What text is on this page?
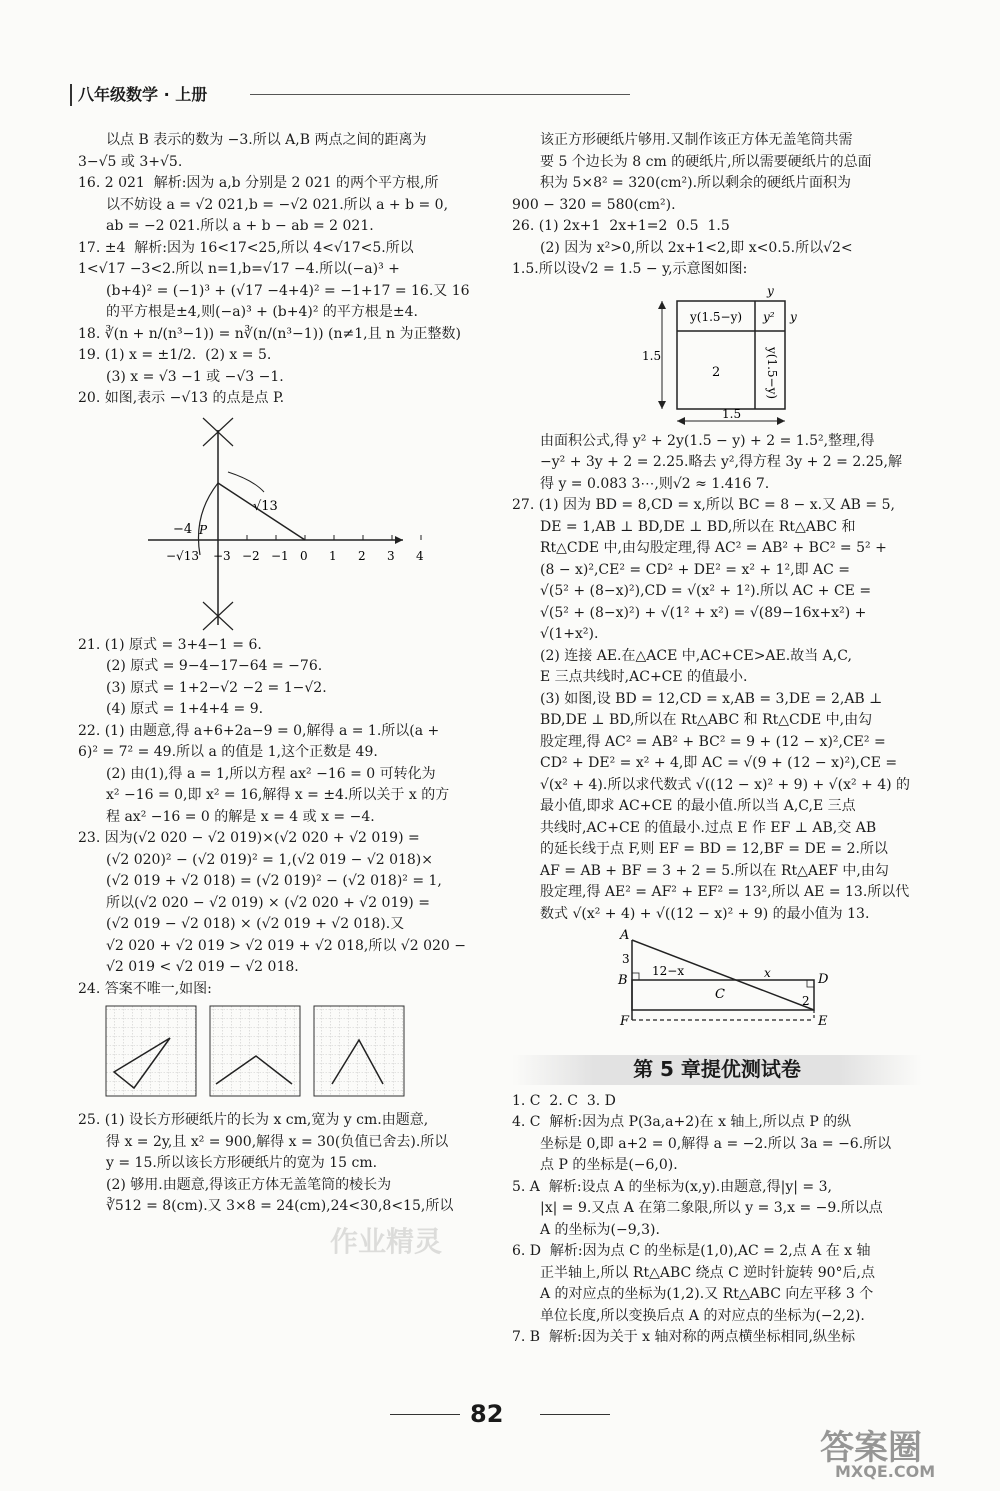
八年级数学 · 上册

以点 B 表示的数为 −3.所以 A,B 两点之间的距离为

3−√5 或 3+√5.

16. 2 021  解析:因为 a,b 分别是 2 021 的两个平方根,所

以不妨设 a = √2 021,b = −√2 021.所以 a + b = 0,

ab = −2 021.所以 a + b − ab = 2 021.

17. ±4  解析:因为 16<17<25,所以 4<√17<5.所以

1<√17 −3<2.所以 n=1,b=√17 −4.所以(−a)³ +

(b+4)² = (−1)³ + (√17 −4+4)² = −1+17 = 16.又 16

的平方根是±4,则(−a)³ + (b+4)² 的平方根是±4.

18. ∛(n + n/(n³−1)) = n∛(n/(n³−1)) (n≠1,且 n 为正整数)

19. (1) x = ±1/2.  (2) x = 5.

(3) x = √3 −1 或 −√3 −1.

20. 如图,表示 −√13 的点是点 P.

−3 −2 −1 0 1 2 3 4
√13
−4 P
−√13

21. (1) 原式 = 3+4−1 = 6.

(2) 原式 = 9−4−17−64 = −76.

(3) 原式 = 1+2−√2 −2 = 1−√2.

(4) 原式 = 1+4+4 = 9.

22. (1) 由题意,得 a+6+2a−9 = 0,解得 a = 1.所以(a +

6)² = 7² = 49.所以 a 的值是 1,这个正数是 49.

(2) 由(1),得 a = 1,所以方程 ax² −16 = 0 可转化为

x² −16 = 0,即 x² = 16,解得 x = ±4.所以关于 x 的方

程 ax² −16 = 0 的解是 x = 4 或 x = −4.

23. 因为(√2 020 − √2 019)×(√2 020 + √2 019) =

(√2 020)² − (√2 019)² = 1,(√2 019 − √2 018)×

(√2 019 + √2 018) = (√2 019)² − (√2 018)² = 1,

所以(√2 020 − √2 019) × (√2 020 + √2 019) =

(√2 019 − √2 018) × (√2 019 + √2 018).又

√2 020 + √2 019 > √2 019 + √2 018,所以 √2 020 −

√2 019 < √2 019 − √2 018.

24. 答案不唯一,如图:

25. (1) 设长方形硬纸片的长为 x cm,宽为 y cm.由题意,

得 x = 2y,且 x² = 900,解得 x = 30(负值已舍去).所以

y = 15.所以该长方形硬纸片的宽为 15 cm.

(2) 够用.由题意,得该正方体无盖笔筒的棱长为

∛512 = 8(cm).又 3×8 = 24(cm),24<30,8<15,所以

该正方形硬纸片够用.又制作该正方体无盖笔筒共需

要 5 个边长为 8 cm 的硬纸片,所以需要硬纸片的总面

积为 5×8² = 320(cm²).所以剩余的硬纸片面积为

900 − 320 = 580(cm²).

26. (1) 2x+1  2x+1=2  0.5  1.5

(2) 因为 x²>0,所以 2x+1<2,即 x<0.5.所以√2<

1.5.所以设√2 = 1.5 − y,示意图如图:

y(1.5−y) y²
2	y(1.5−y)
y
y
1.5
1.5

由面积公式,得 y² + 2y(1.5 − y) + 2 = 1.5²,整理,得

−y² + 3y + 2 = 2.25.略去 y²,得方程 3y + 2 = 2.25,解

得 y = 0.083 3⋯,则√2 ≈ 1.416 7.

27. (1) 因为 BD = 8,CD = x,所以 BC = 8 − x.又 AB = 5,

DE = 1,AB ⊥ BD,DE ⊥ BD,所以在 Rt△ABC 和

Rt△CDE 中,由勾股定理,得 AC² = AB² + BC² = 5² +

(8 − x)²,CE² = CD² + DE² = x² + 1²,即 AC =

√(5² + (8−x)²),CD = √(x² + 1²).所以 AC + CE =

√(5² + (8−x)²) + √(1² + x²) = √(89−16x+x²) + √(1+x²).

(2) 连接 AE.在△ACE 中,AC+CE>AE.故当 A,C,

E 三点共线时,AC+CE 的值最小.

(3) 如图,设 BD = 12,CD = x,AB = 3,DE = 2,AB ⊥

BD,DE ⊥ BD,所以在 Rt△ABC 和 Rt△CDE 中,由勾

股定理,得 AC² = AB² + BC² = 9 + (12 − x)²,CE² =

CD² + DE² = x² + 4,即 AC = √(9 + (12 − x)²),CE =

√(x² + 4).所以求代数式 √((12 − x)² + 9) + √(x² + 4) 的

最小值,即求 AC+CE 的最小值.所以当 A,C,E 三点

共线时,AC+CE 的值最小.过点 E 作 EF ⊥ AB,交 AB

的延长线于点 F,则 EF = BD = 12,BF = DE = 2.所以

AF = AB + BF = 3 + 2 = 5.所以在 Rt△AEF 中,由勾

股定理,得 AE² = AF² + EF² = 13²,所以 AE = 13.所以代

数式 √(x² + 4) + √((12 − x)² + 9) 的最小值为 13.

A
B
C
D
E
F
3
12−x	x
2
第 5 章提优测试卷

1. C  2. C  3. D

4. C  解析:因为点 P(3a,a+2)在 x 轴上,所以点 P 的纵

坐标是 0,即 a+2 = 0,解得 a = −2.所以 3a = −6.所以

点 P 的坐标是(−6,0).

5. A  解析:设点 A 的坐标为(x,y).由题意,得|y| = 3,

|x| = 9.又点 A 在第二象限,所以 y = 3,x = −9.所以点

A 的坐标为(−9,3).

6. D  解析:因为点 C 的坐标是(1,0),AC = 2,点 A 在 x 轴

正半轴上,所以 Rt△ABC 绕点 C 逆时针旋转 90°后,点

A 的对应点的坐标为(1,2).又 Rt△ABC 向左平移 3 个

单位长度,所以变换后点 A 的对应点的坐标为(−2,2).

7. B  解析:因为关于 x 轴对称的两点横坐标相同,纵坐标

82
作业精灵
答案圈
MXQE.COM
